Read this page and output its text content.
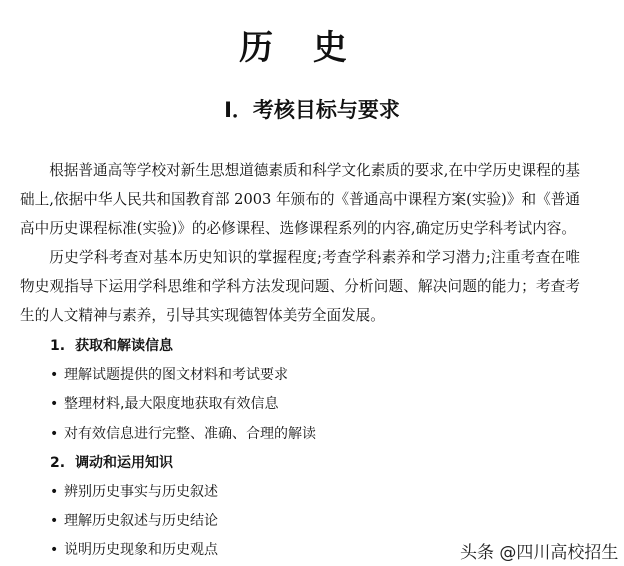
历 史
Ⅰ．考核目标与要求

根据普通高等学校对新生思想道德素质和科学文化素质的要求,在中学历史课程的基础上,依据中华人民共和国教育部 2003 年颁布的《普通高中课程方案(实验)》和《普通高中历史课程标准(实验)》的必修课程、选修课程系列的内容,确定历史学科考试内容。

历史学科考查对基本历史知识的掌握程度;考查学科素养和学习潜力;注重考查在唯物史观指导下运用学科思维和学科方法发现问题、分析问题、解决问题的能力；考查考生的人文精神与素养，引导其实现德智体美劳全面发展。

1. 获取和解读信息
• 理解试题提供的图文材料和考试要求
• 整理材料,最大限度地获取有效信息
• 对有效信息进行完整、准确、合理的解读
2. 调动和运用知识
• 辨别历史事实与历史叙述
• 理解历史叙述与历史结论
• 说明历史现象和历史观点	头条 @四川高校招生
